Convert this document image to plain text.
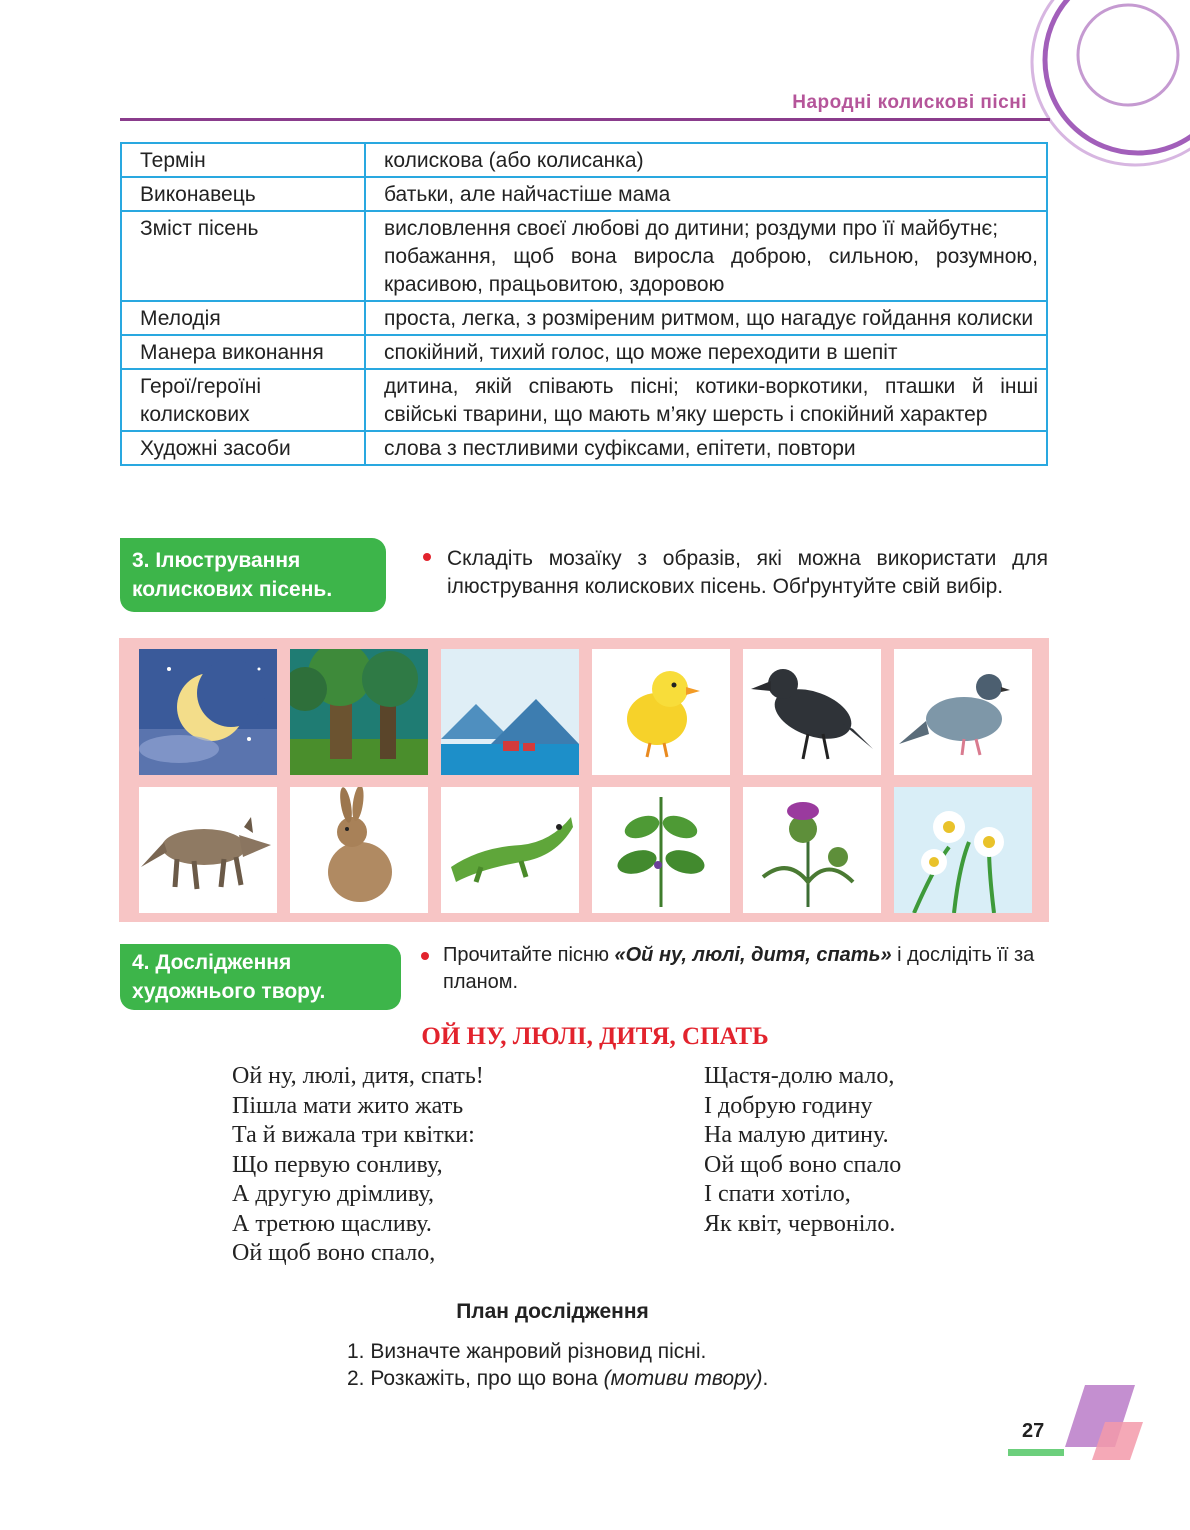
Народні колискові пісні
Термін	колискова (або колисанка)
Виконавець	батьки, але найчастіше мама
Зміст пісень	висловлення своєї любові до дитини; роздуми про її майбутнє;
побажання, щоб вона виросла доброю, сильною, розумною, красивою, працьовитою, здоровою

Мелодія	проста, легка, з розміреним ритмом, що нагадує гойдання колиски
Манера виконання	спокійний, тихий голос, що може переходити в шепіт
Герої/героїні колискових	дитина, якій співають пісні; котики-воркотики, пташки й інші свійські тварини, що мають м’яку шерсть і спокійний характер
Художні засоби	слова з пестливими суфіксами, епітети, повтори
3. Ілюстрування
колискових пісень.
Складіть мозаїку з образів, які можна використати для ілюстрування колискових пісень. Обґрунтуйте свій вибір.
4. Дослідження
художнього твору.
Прочитайте пісню «Ой ну, люлі, дитя, спать» і дослідіть її за планом.
ОЙ НУ, ЛЮЛІ, ДИТЯ, СПАТЬ
Ой ну, люлі, дитя, спать!
Пішла мати жито жать
Та й вижала три квітки:
Що первую сонливу,
А другую дрімливу,
А третюю щасливу.
Ой щоб воно спало,
Щастя-долю мало,
І добрую годину
На малую дитину.
Ой щоб воно спало
І спати хотіло,
Як квіт, червоніло.
План дослідження
1. Визначте жанровий різновид пісні.
2. Розкажіть, про що вона (мотиви твору).
27
